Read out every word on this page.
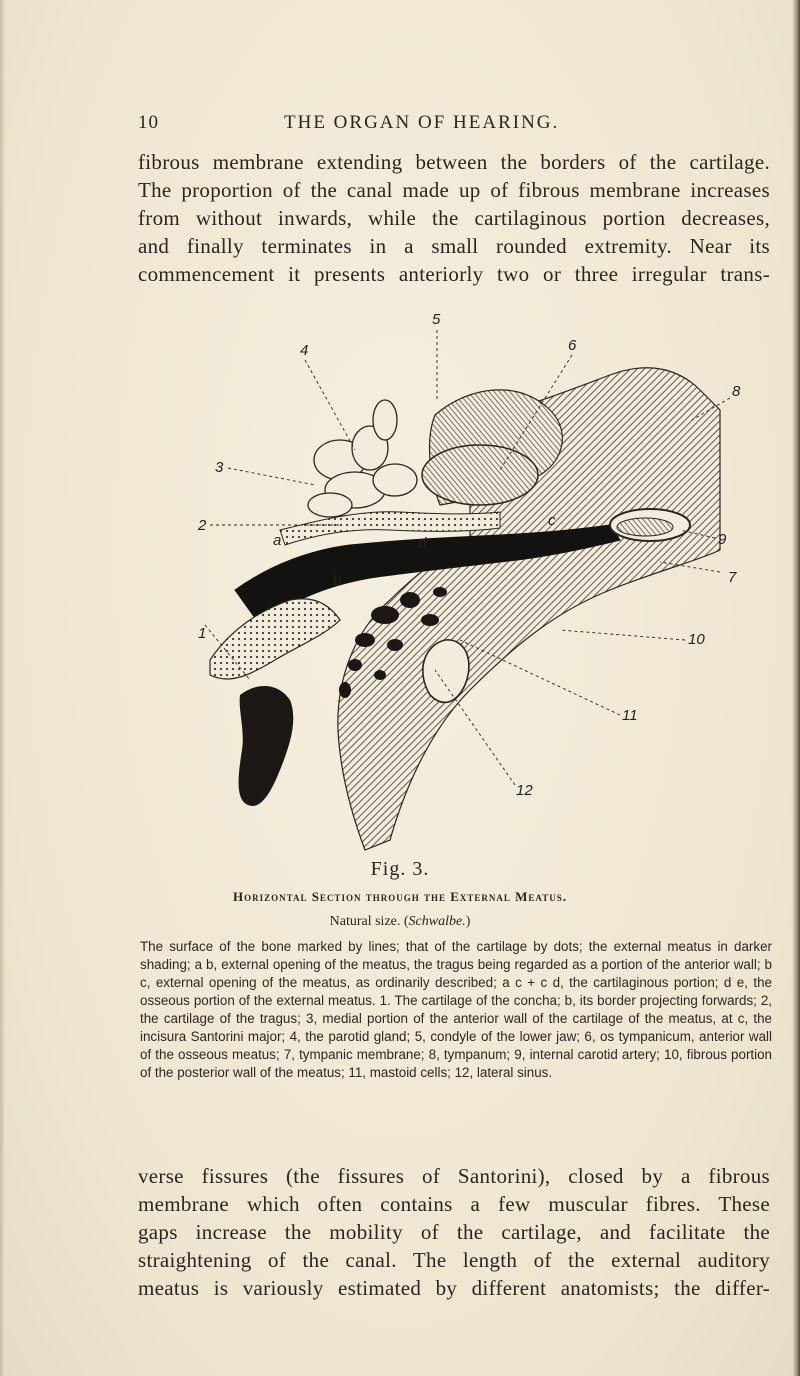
10	THE ORGAN OF HEARING.
fibrous membrane extending between the borders of the cartilage.
The proportion of the canal made up of fibrous membrane increases
from without inwards, while the cartilaginous portion decreases,
and finally terminates in a small rounded extremity. Near its
commencement it presents anteriorly two or three irregular trans-
1
2
3
4
5
6
7
8
9
10
11
12
a
b
c
d
Fig. 3.
Horizontal Section through the External Meatus.
Natural size. (Schwalbe.)
The surface of the bone marked by lines; that of the cartilage by dots; the external meatus in darker shading; a b, external opening of the meatus, the tragus being regarded as a portion of the anterior wall; b c, external opening of the meatus, as ordinarily described; a c + c d, the cartilaginous portion; d e, the osseous portion of the external meatus. 1. The cartilage of the concha; b, its border projecting forwards; 2, the cartilage of the tragus; 3, medial portion of the anterior wall of the cartilage of the meatus, at c, the incisura Santorini major; 4, the parotid gland; 5, condyle of the lower jaw; 6, os tympanicum, anterior wall of the osseous meatus; 7, tympanic membrane; 8, tympanum; 9, internal carotid artery; 10, fibrous portion of the posterior wall of the meatus; 11, mastoid cells; 12, lateral sinus.
verse fissures (the fissures of Santorini), closed by a fibrous
membrane which often contains a few muscular fibres. These
gaps increase the mobility of the cartilage, and facilitate the
straightening of the canal. The length of the external auditory
meatus is variously estimated by different anatomists; the differ-
